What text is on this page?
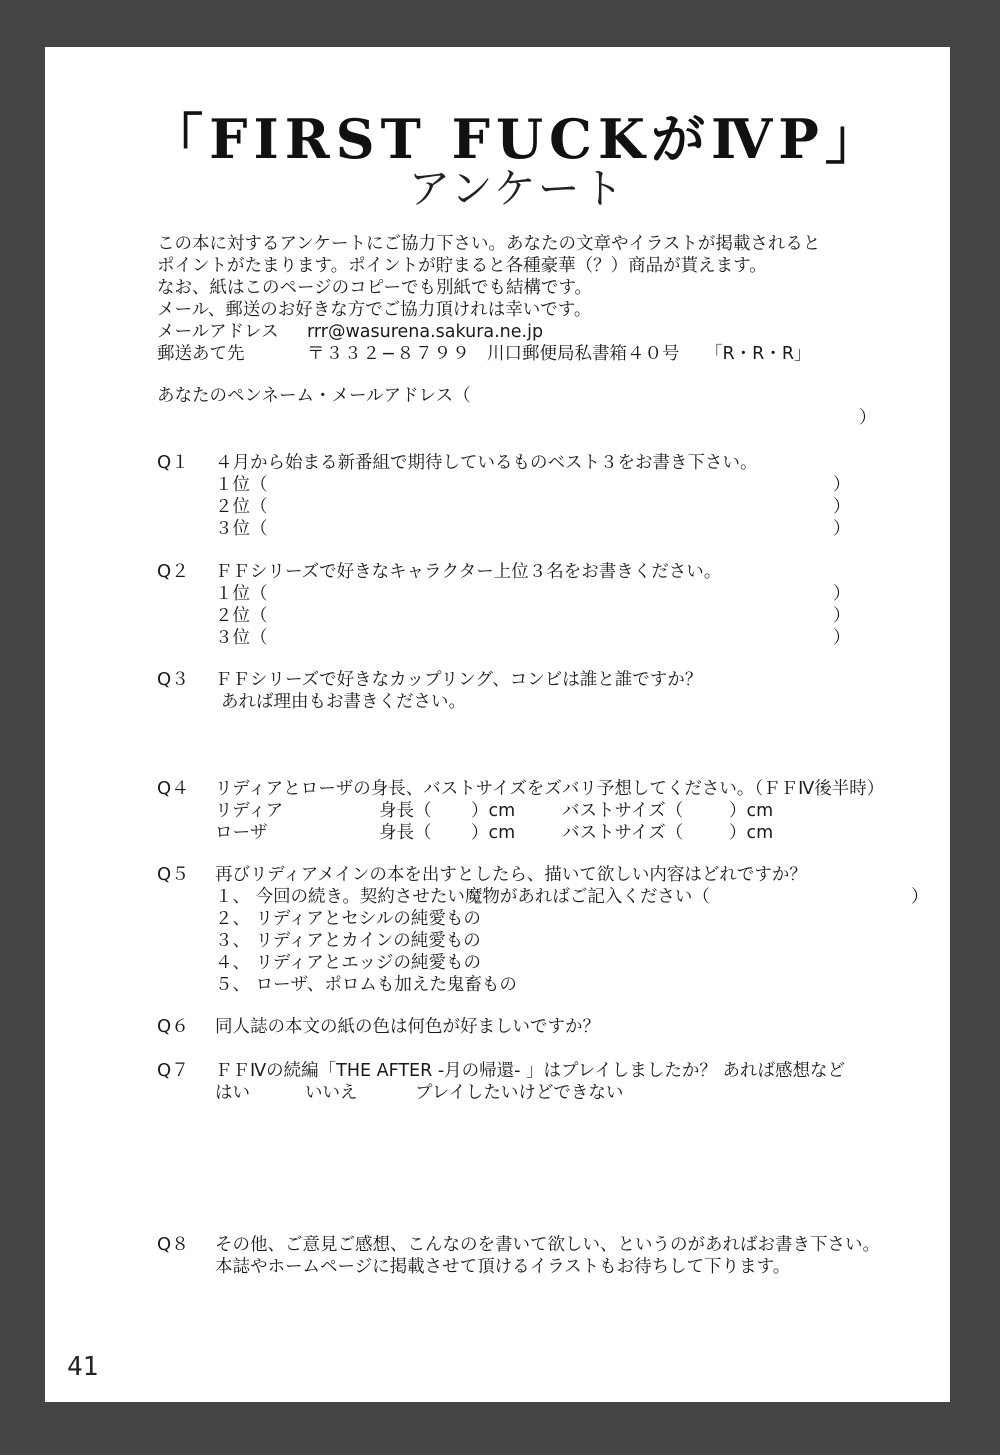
「FIRST FUCKがⅣP」
アンケート
この本に対するアンケートにご協力下さい。あなたの文章やイラストが掲載されると
ポイントがたまります。ポイントが貯まると各種豪華（？）商品が貰えます。
なお、紙はこのページのコピーでも別紙でも結構です。
メール、郵送のお好きな方でご協力頂けれは幸いです。
メールアドレス rrr@wasurena.sakura.ne.jp
郵送あて先	〒３３２−８７９９ 川口郵便局私書箱４０号 「R・R・R」
あなたのペンネーム・メールアドレス（
）
Q１ ４月から始まる新番組で期待しているものベスト３をお書き下さい。
１位（	）
２位（	）
３位（	）
Q２ ＦＦシリーズで好きなキャラクター上位３名をお書きください。
１位（	）
２位（	）
３位（	）
Q３ ＦＦシリーズで好きなカップリング、コンビは誰と誰ですか？
あれば理由もお書きください。
Q４ リディアとローザの身長、バストサイズをズバリ予想してください。（ＦＦⅣ後半時）
リディア	身長（ ）cm	バストサイズ（	）cm
ローザ	身長（ ）cm	バストサイズ（	）cm
Q５ 再びリディアメインの本を出すとしたら、描いて欲しい内容はどれですか？
１、 今回の続き。契約させたい魔物があればご記入ください（	）
２、 リディアとセシルの純愛もの
３、 リディアとカインの純愛もの
４、 リディアとエッジの純愛もの
５、 ローザ、ポロムも加えた鬼畜もの
Q６ 同人誌の本文の紙の色は何色が好ましいですか？
Q７ ＦＦⅣの続編「THE AFTER -月の帰還- 」はプレイしましたか？ あれば感想など
はい	いいえ	プレイしたいけどできない
Q８ その他、ご意見ご感想、こんなのを書いて欲しい、というのがあればお書き下さい。
本誌やホームページに掲載させて頂けるイラストもお待ちして下ります。
41
